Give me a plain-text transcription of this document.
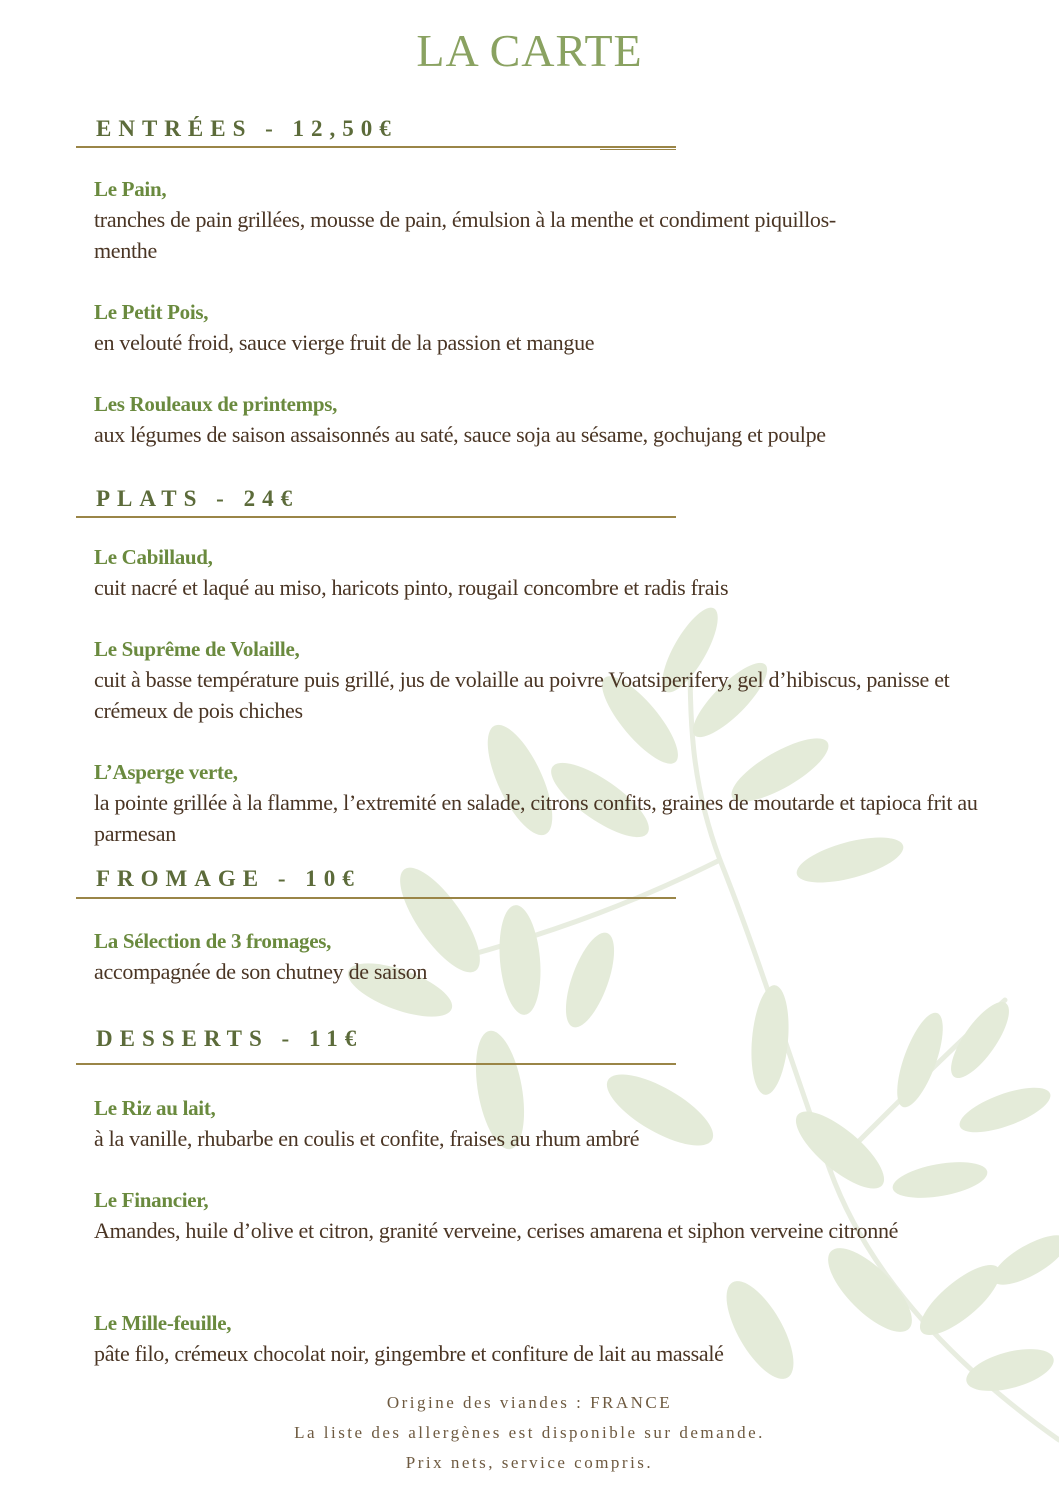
LA CARTE
ENTRÉES - 12,50€
Le Pain,
tranches de pain grillées, mousse de pain, émulsion à la menthe et condiment piquillos-menthe
Le Petit Pois,
en velouté froid, sauce vierge fruit de la passion et mangue
Les Rouleaux de printemps,
aux légumes de saison assaisonnés au saté, sauce soja au sésame, gochujang et poulpe
PLATS - 24€
Le Cabillaud,
cuit nacré et laqué au miso, haricots pinto, rougail concombre et radis frais
Le Suprême de Volaille,
cuit à basse température puis grillé, jus de volaille au poivre Voatsiperifery, gel d’hibiscus, panisse et crémeux de pois chiches
L’Asperge verte,
la pointe grillée à la flamme, l’extremité en salade, citrons confits, graines de moutarde et tapioca frit au parmesan
FROMAGE - 10€
La Sélection de 3 fromages,
accompagnée de son chutney de saison
DESSERTS - 11€
Le Riz au lait,
à la vanille, rhubarbe en coulis et confite, fraises au rhum ambré
Le Financier,
Amandes, huile d’olive et citron, granité verveine, cerises amarena et siphon verveine citronné
Le Mille-feuille,
pâte filo, crémeux chocolat noir, gingembre et confiture de lait au massalé
Origine des viandes : FRANCE
La liste des allergènes est disponible sur demande.
Prix nets, service compris.
